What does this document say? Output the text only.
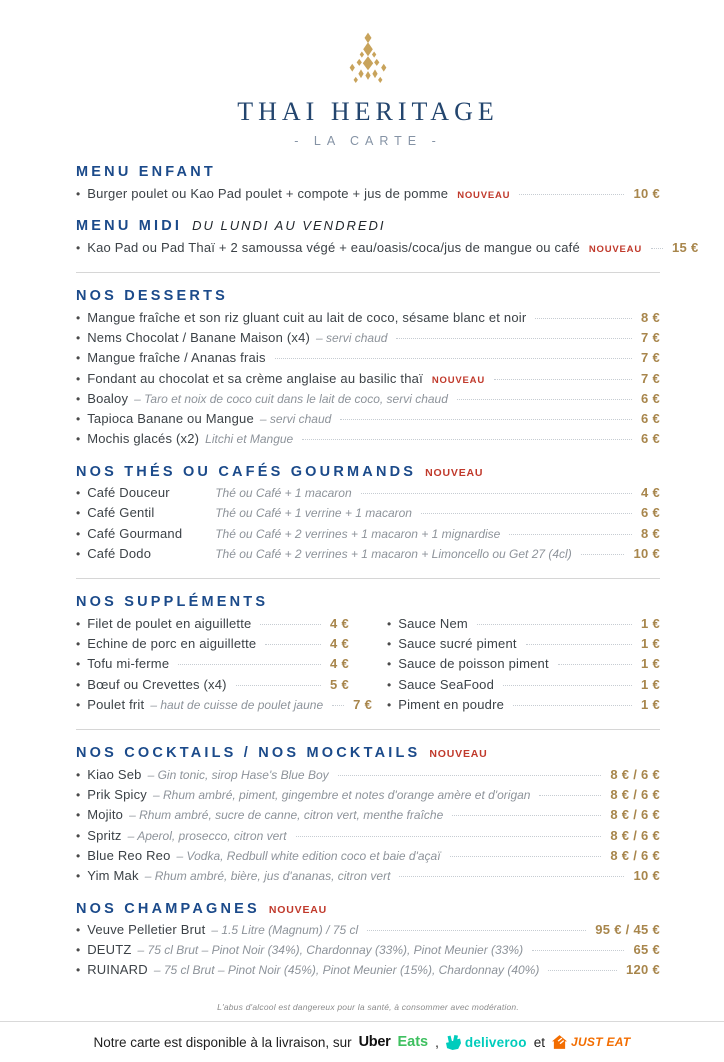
THAI HERITAGE
- LA CARTE -
MENU ENFANT
• Burger poulet ou Kao Pad poulet + compote + jus de pomme NOUVEAU	10 €
MENU MIDI DU LUNDI AU VENDREDI
• Kao Pad ou Pad Thaï + 2 samoussa végé + eau/oasis/coca/jus de mangue ou café NOUVEAU 15 €
NOS DESSERTS
• Mangue fraîche et son riz gluant cuit au lait de coco, sésame blanc et noir	8 €
• Nems Chocolat / Banane Maison (x4) – servi chaud	7 €
• Mangue fraîche / Ananas frais	7 €
• Fondant au chocolat et sa crème anglaise au basilic thaï NOUVEAU	7 €
• Boaloy – Taro et noix de coco cuit dans le lait de coco, servi chaud	6 €
• Tapioca Banane ou Mangue – servi chaud	6 €
• Mochis glacés (x2) Litchi et Mangue	6 €
NOS THÉS OU CAFÉS GOURMANDS NOUVEAU
• Café Douceur	Thé ou Café + 1 macaron	4 €
• Café Gentil	Thé ou Café + 1 verrine + 1 macaron	6 €
• Café Gourmand	Thé ou Café + 2 verrines + 1 macaron + 1 mignardise	8 €
• Café Dodo	Thé ou Café + 2 verrines + 1 macaron + Limoncello ou Get 27 (4cl)	10 €
NOS SUPPLÉMENTS
• Filet de poulet en aiguillette	4 €
• Echine de porc en aiguillette	4 €
• Tofu mi-ferme	4 €
• Bœuf ou Crevettes (x4)	5 €
• Poulet frit – haut de cuisse de poulet jaune 7 €
• Sauce Nem	1 €
• Sauce sucré piment	1 €
• Sauce de poisson piment	1 €
• Sauce SeaFood	1 €
• Piment en poudre	1 €
NOS COCKTAILS / NOS MOCKTAILS NOUVEAU
• Kiao Seb – Gin tonic, sirop Hase's Blue Boy	8 € / 6 €
• Prik Spicy – Rhum ambré, piment, gingembre et notes d'orange amère et d'origan	8 € / 6 €
• Mojito – Rhum ambré, sucre de canne, citron vert, menthe fraîche	8 € / 6 €
• Spritz – Aperol, prosecco, citron vert	8 € / 6 €
• Blue Reo Reo – Vodka, Redbull white edition coco et baie d'açaï	8 € / 6 €
• Yim Mak – Rhum ambré, bière, jus d'ananas, citron vert	10 €
NOS CHAMPAGNES NOUVEAU
• Veuve Pelletier Brut – 1.5 Litre (Magnum) / 75 cl	95 € / 45 €
• DEUTZ – 75 cl Brut – Pinot Noir (34%), Chardonnay (33%), Pinot Meunier (33%)	65 €
• RUINARD – 75 cl Brut – Pinot Noir (45%), Pinot Meunier (15%), Chardonnay (40%)	120 €
L'abus d'alcool est dangereux pour la santé, à consommer avec modération.
Notre carte est disponible à la livraison, sur Uber Eats , deliveroo et JUST EAT
